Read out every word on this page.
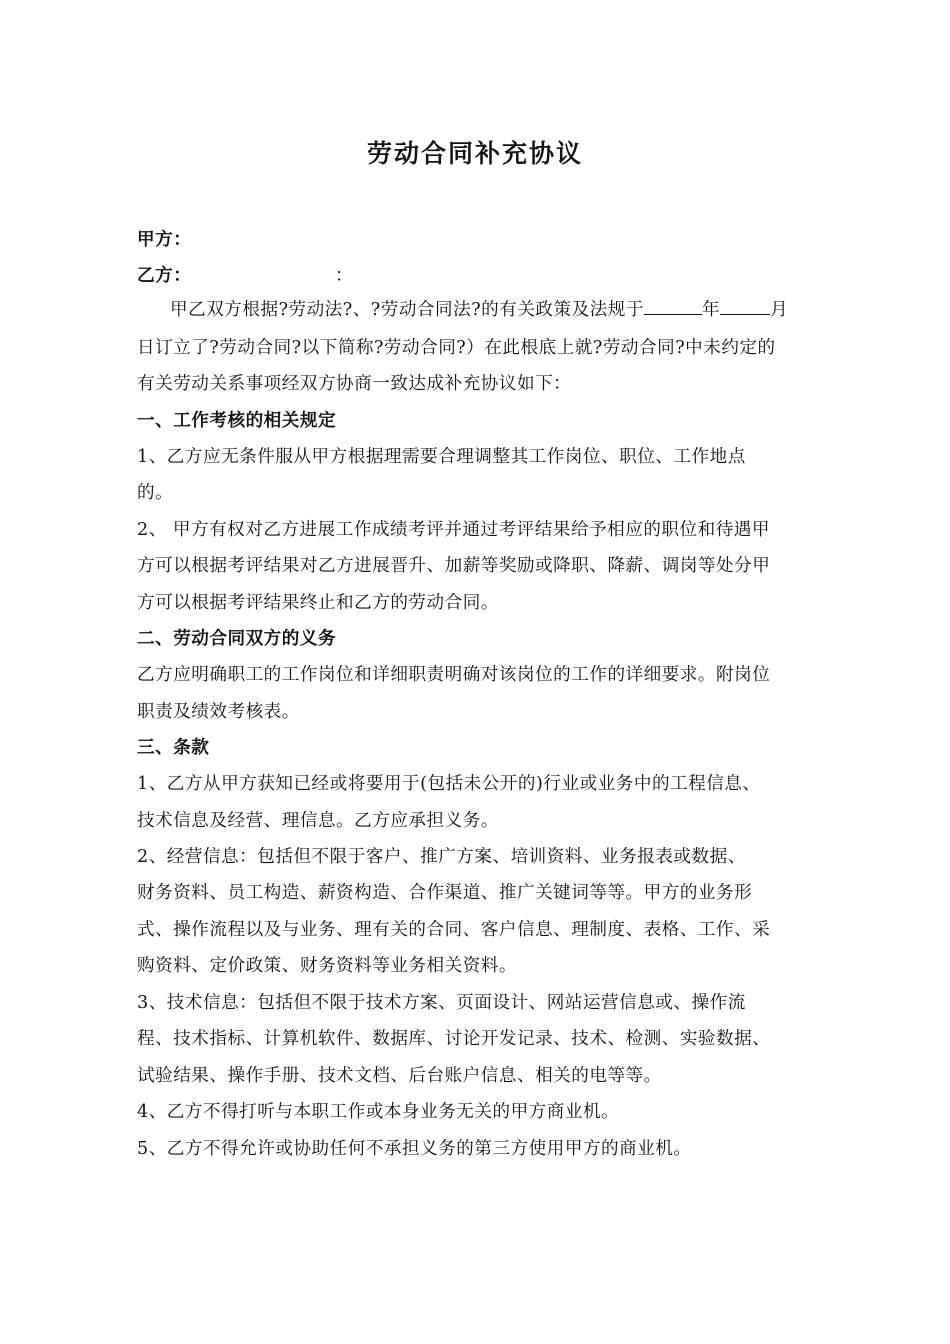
劳动合同补充协议
甲方：
乙方：	：
甲乙双方根据?劳动法?、?劳动合同法?的有关政策及法规于	年	月
日订立了?劳动合同?以下简称?劳动合同?）在此根底上就?劳动合同?中未约定的
有关劳动关系事项经双方协商一致达成补充协议如下：
一、工作考核的相关规定
1、乙方应无条件服从甲方根据理需要合理调整其工作岗位、职位、工作地点
的。
2、 甲方有权对乙方进展工作成绩考评并通过考评结果给予相应的职位和待遇甲
方可以根据考评结果对乙方进展晋升、加薪等奖励或降职、降薪、调岗等处分甲
方可以根据考评结果终止和乙方的劳动合同。
二、劳动合同双方的义务
乙方应明确职工的工作岗位和详细职责明确对该岗位的工作的详细要求。附岗位
职责及绩效考核表。
三、条款
1、乙方从甲方获知已经或将要用于(包括未公开的)行业或业务中的工程信息、
技术信息及经营、理信息。乙方应承担义务。
2、经营信息：包括但不限于客户、推广方案、培训资料、业务报表或数据、
财务资料、员工构造、薪资构造、合作渠道、推广关键词等等。甲方的业务形
式、操作流程以及与业务、理有关的合同、客户信息、理制度、表格、工作、采
购资料、定价政策、财务资料等业务相关资料。
3、技术信息：包括但不限于技术方案、页面设计、网站运营信息或、操作流
程、技术指标、计算机软件、数据库、讨论开发记录、技术、检测、实验数据、
试验结果、操作手册、技术文档、后台账户信息、相关的电等等。
4、乙方不得打听与本职工作或本身业务无关的甲方商业机。
5、乙方不得允许或协助任何不承担义务的第三方使用甲方的商业机。
